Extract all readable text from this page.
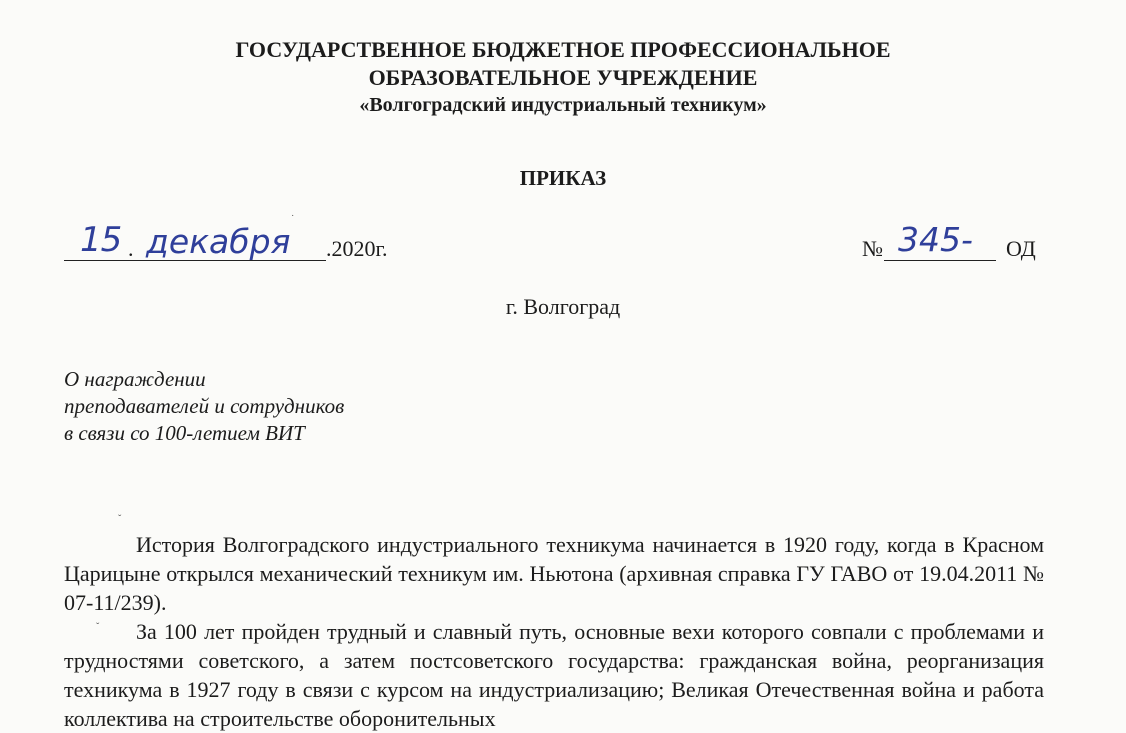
ГОСУДАРСТВЕННОЕ БЮДЖЕТНОЕ ПРОФЕССИОНАЛЬНОЕ
ОБРАЗОВАТЕЛЬНОЕ УЧРЕЖДЕНИЕ
«Волгоградский индустриальный техникум»
ПРИКАЗ
15 . декабря .2020г.	№ 345- ОД
г. Волгоград
О награждении
преподавателей и сотрудников
в связи со 100-летием ВИТ

История Волгоградского индустриального техникума начинается в 1920 году, когда в Красном Царицыне открылся механический техникум им. Ньютона (архивная справка ГУ ГАВО от 19.04.2011 № 07-11/239).

За 100 лет пройден трудный и славный путь, основные вехи которого совпали с проблемами и трудностями советского, а затем постсоветского государства: гражданская война, реорганизация техникума в 1927 году в связи с курсом на индустриализацию; Великая Отечественная война и работа коллектива на строительстве оборонительных

ˇ
ˇ
˙
